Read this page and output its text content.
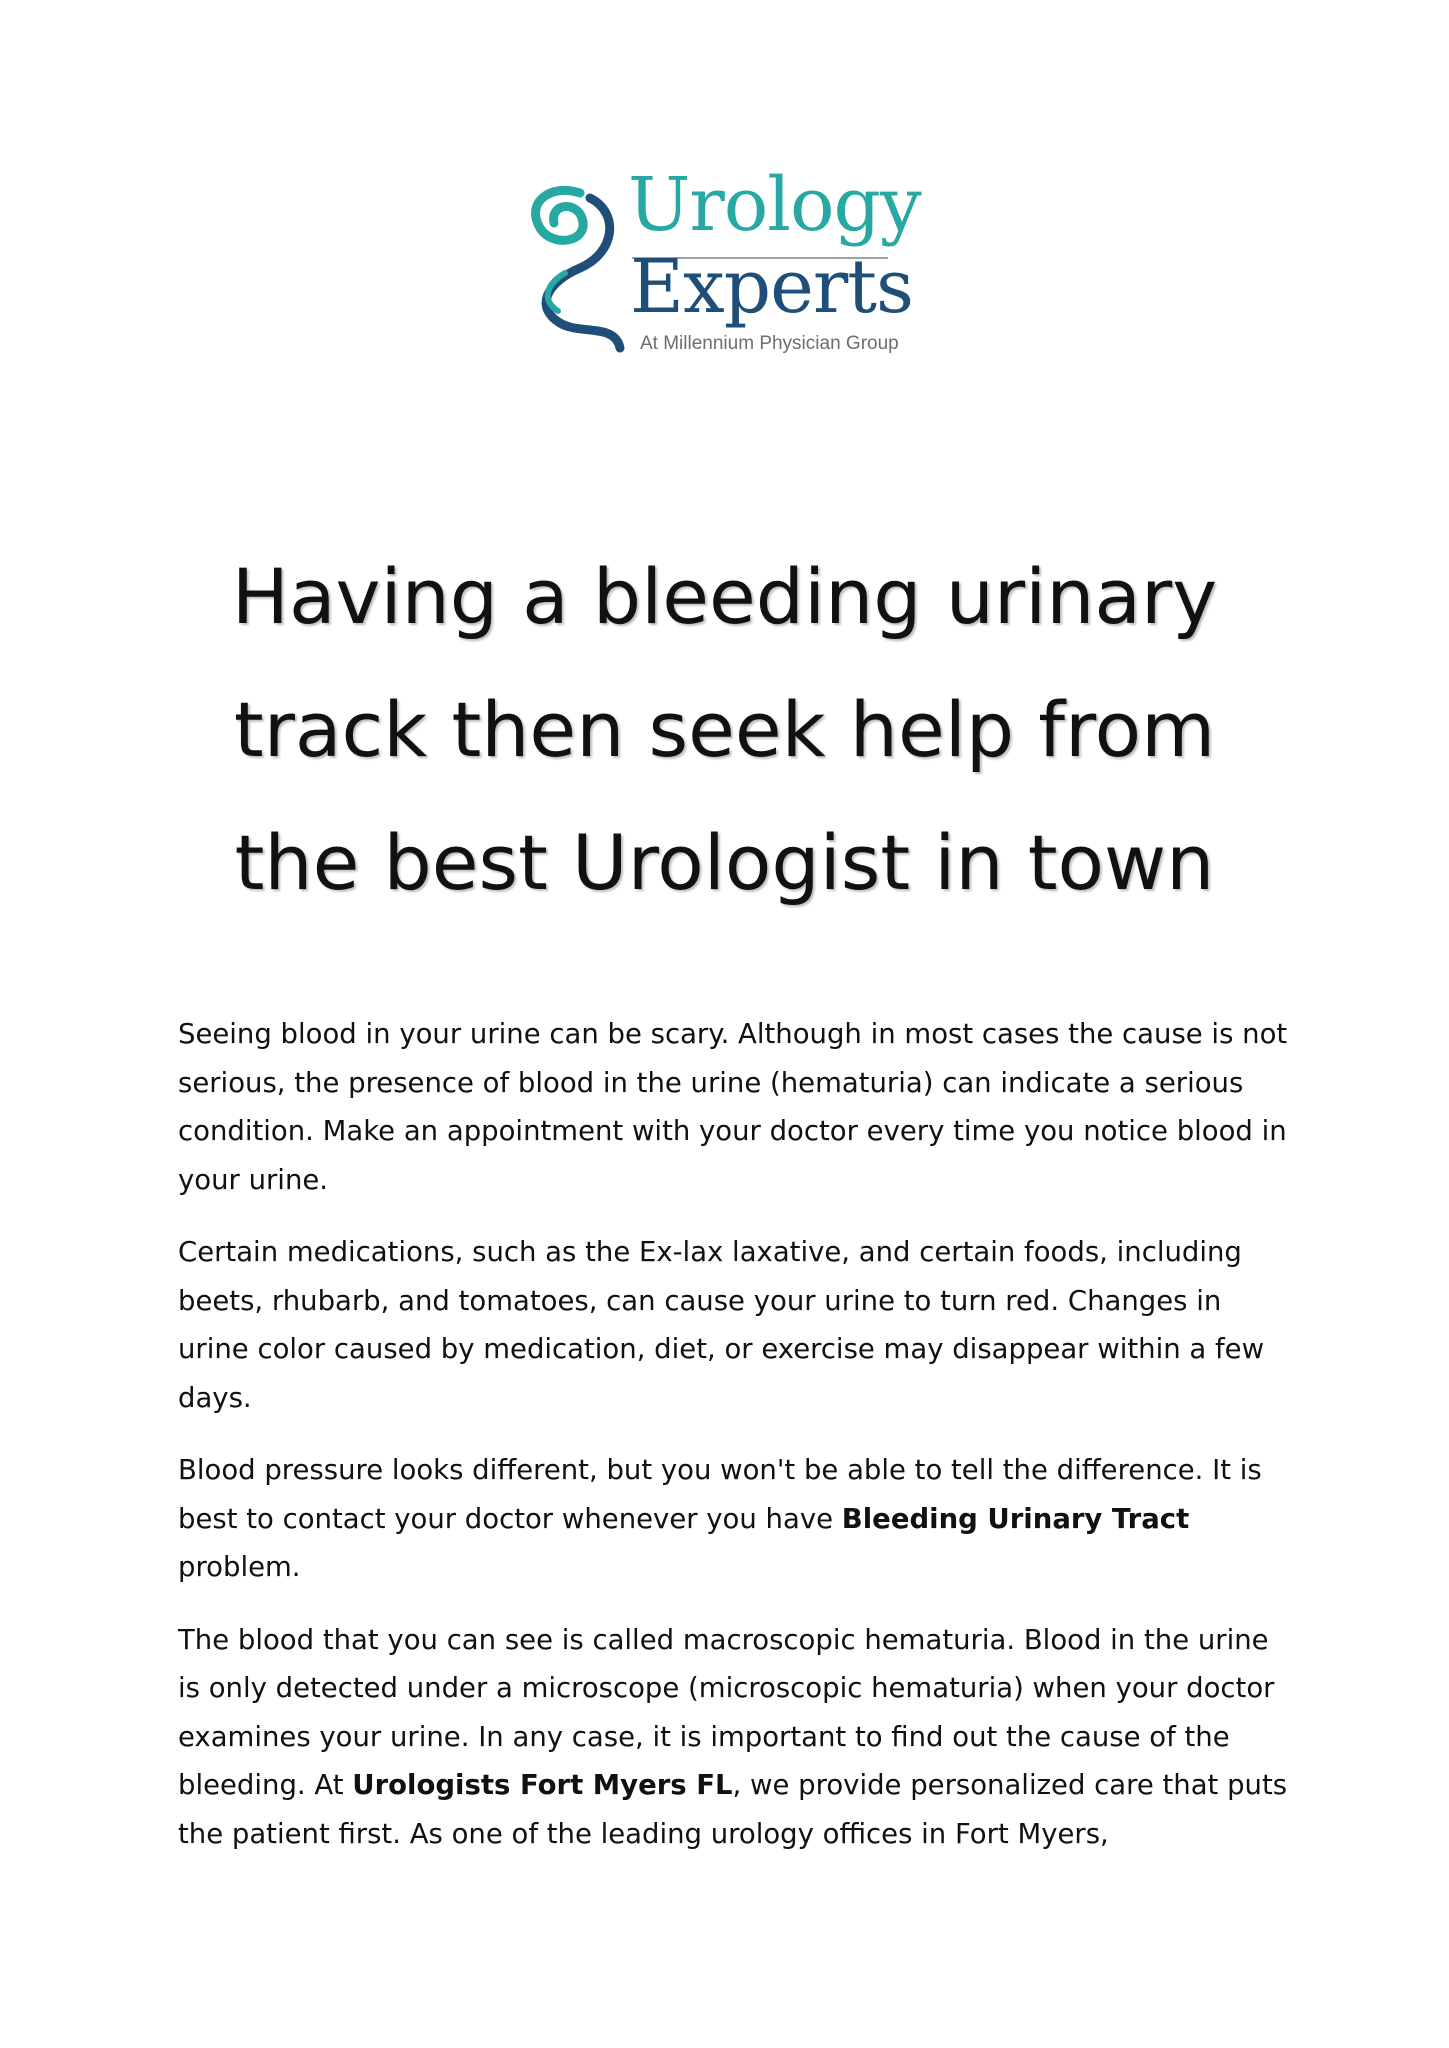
Urology
Experts
At Millennium Physician Group
Having a bleeding urinary track then seek help from the best Urologist in town

Seeing blood in your urine can be scary. Although in most cases the cause is not serious, the presence of blood in the urine (hematuria) can indicate a serious condition. Make an appointment with your doctor every time you notice blood in your urine.

Certain medications, such as the Ex-lax laxative, and certain foods, including beets, rhubarb, and tomatoes, can cause your urine to turn red. Changes in urine color caused by medication, diet, or exercise may disappear within a few days.

Blood pressure looks different, but you won't be able to tell the difference. It is best to contact your doctor whenever you have Bleeding Urinary Tract problem.

The blood that you can see is called macroscopic hematuria. Blood in the urine is only detected under a microscope (microscopic hematuria) when your doctor examines your urine. In any case, it is important to find out the cause of the bleeding. At Urologists Fort Myers FL, we provide personalized care that puts the patient first. As one of the leading urology offices in Fort Myers,
